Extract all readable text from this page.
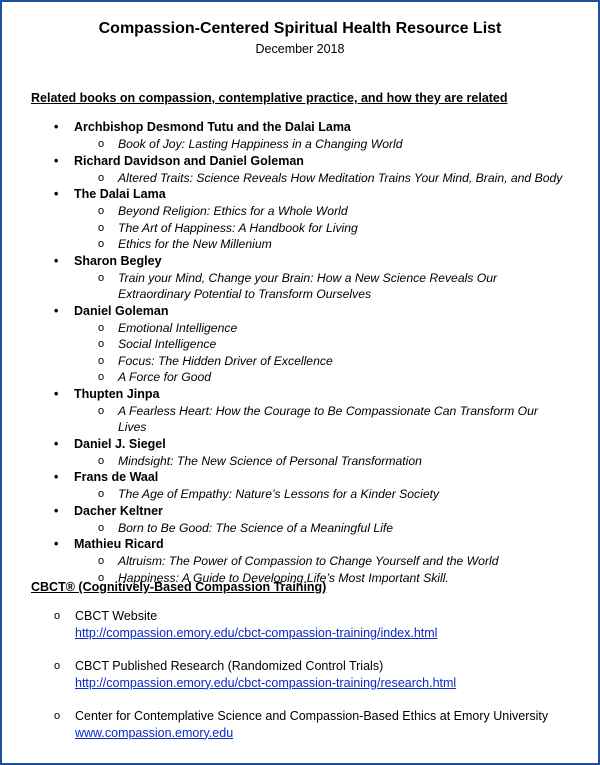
Compassion-Centered Spiritual Health Resource List
December 2018
Related books on compassion, contemplative practice, and how they are related
• Archbishop Desmond Tutu and the Dalai Lama
o Book of Joy: Lasting Happiness in a Changing World
• Richard Davidson and Daniel Goleman
o Altered Traits: Science Reveals How Meditation Trains Your Mind, Brain, and Body
• The Dalai Lama
o Beyond Religion: Ethics for a Whole World
o The Art of Happiness: A Handbook for Living
o Ethics for the New Millenium
• Sharon Begley
o Train your Mind, Change your Brain: How a New Science Reveals Our Extraordinary Potential to Transform Ourselves
• Daniel Goleman
o Emotional Intelligence
o Social Intelligence
o Focus: The Hidden Driver of Excellence
o A Force for Good
• Thupten Jinpa
o A Fearless Heart: How the Courage to Be Compassionate Can Transform Our Lives
• Daniel J. Siegel
o Mindsight: The New Science of Personal Transformation
• Frans de Waal
o The Age of Empathy: Nature’s Lessons for a Kinder Society
• Dacher Keltner
o Born to Be Good: The Science of a Meaningful Life
• Mathieu Ricard
o Altruism: The Power of Compassion to Change Yourself and the World
o Happiness: A Guide to Developing Life’s Most Important Skill.
CBCT® (Cognitively-Based Compassion Training)
o CBCT Website
http://compassion.emory.edu/cbct-compassion-training/index.html
o CBCT Published Research (Randomized Control Trials)
http://compassion.emory.edu/cbct-compassion-training/research.html
o Center for Contemplative Science and Compassion-Based Ethics at Emory University
www.compassion.emory.edu
